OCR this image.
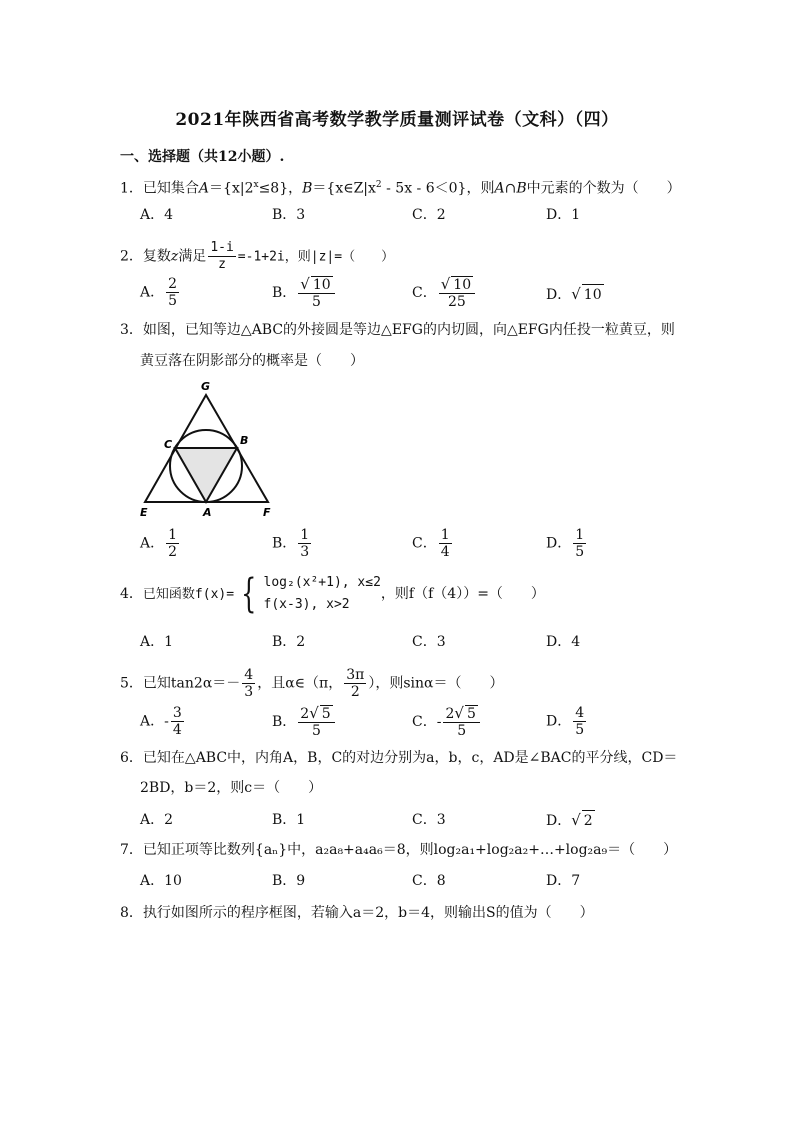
2021年陕西省高考数学教学质量测评试卷（文科）（四）
一、选择题（共12小题）.
1．已知集合$A=\{x|2^x\le 8\}$，$B=\{x\in Z|x^2 - 5x - 6<0\}$，则A∩B中元素的个数为（　　）
A．4	B．3	C．2	D．1
2．复数z满足 $\frac{1-i}{z} =-1+2i$，则|z|=（　　）
A． $\frac{2}{5}$	B． $\frac{√ 10}{5}$	C． $\frac{√ 10}{25}$	D．√ 10
3．如图，已知等边△ABC的外接圆是等边△EFG的内切圆，向△EFG内任投一粒黄豆，则
黄豆落在阴影部分的概率是（　　）
G
C	B
E	A	F
A． $\frac{1}{2}$	B． $\frac{1}{3}$	C． $\frac{1}{4}$	D． $\frac{1}{5}$
4．已知函数f(x)= { log₂(x²+1), x≤2
f(x-3), x>2
，则f（f（4））=（　　）
A．1	B．2	C．3	D．4
5．已知$\tan 2\alpha=- \frac{4}{3}$ ，且α∈（π， $\frac{3\pi}{2}$ ），则sinα＝（　　）
A．- $\frac{3}{4}$	B． $\frac{2√ 5}{5}$	C．- $\frac{2√ 5}{5}$	D． $\frac{4}{5}$
6．已知在△ABC中，内角A，B，C的对边分别为a，b，c，AD是∠BAC的平分线，CD＝
2BD，b＝2，则c＝（　　）
A．2	B．1	C．3	D．√ 2
7．已知正项等比数列{aₙ}中，a₂a₈+a₄a₆＝8，则log₂a₁+log₂a₂+…+log₂a₉＝（　　）
A．10	B．9	C．8	D．7
8．执行如图所示的程序框图，若输入a＝2，b＝4，则输出S的值为（　　）
